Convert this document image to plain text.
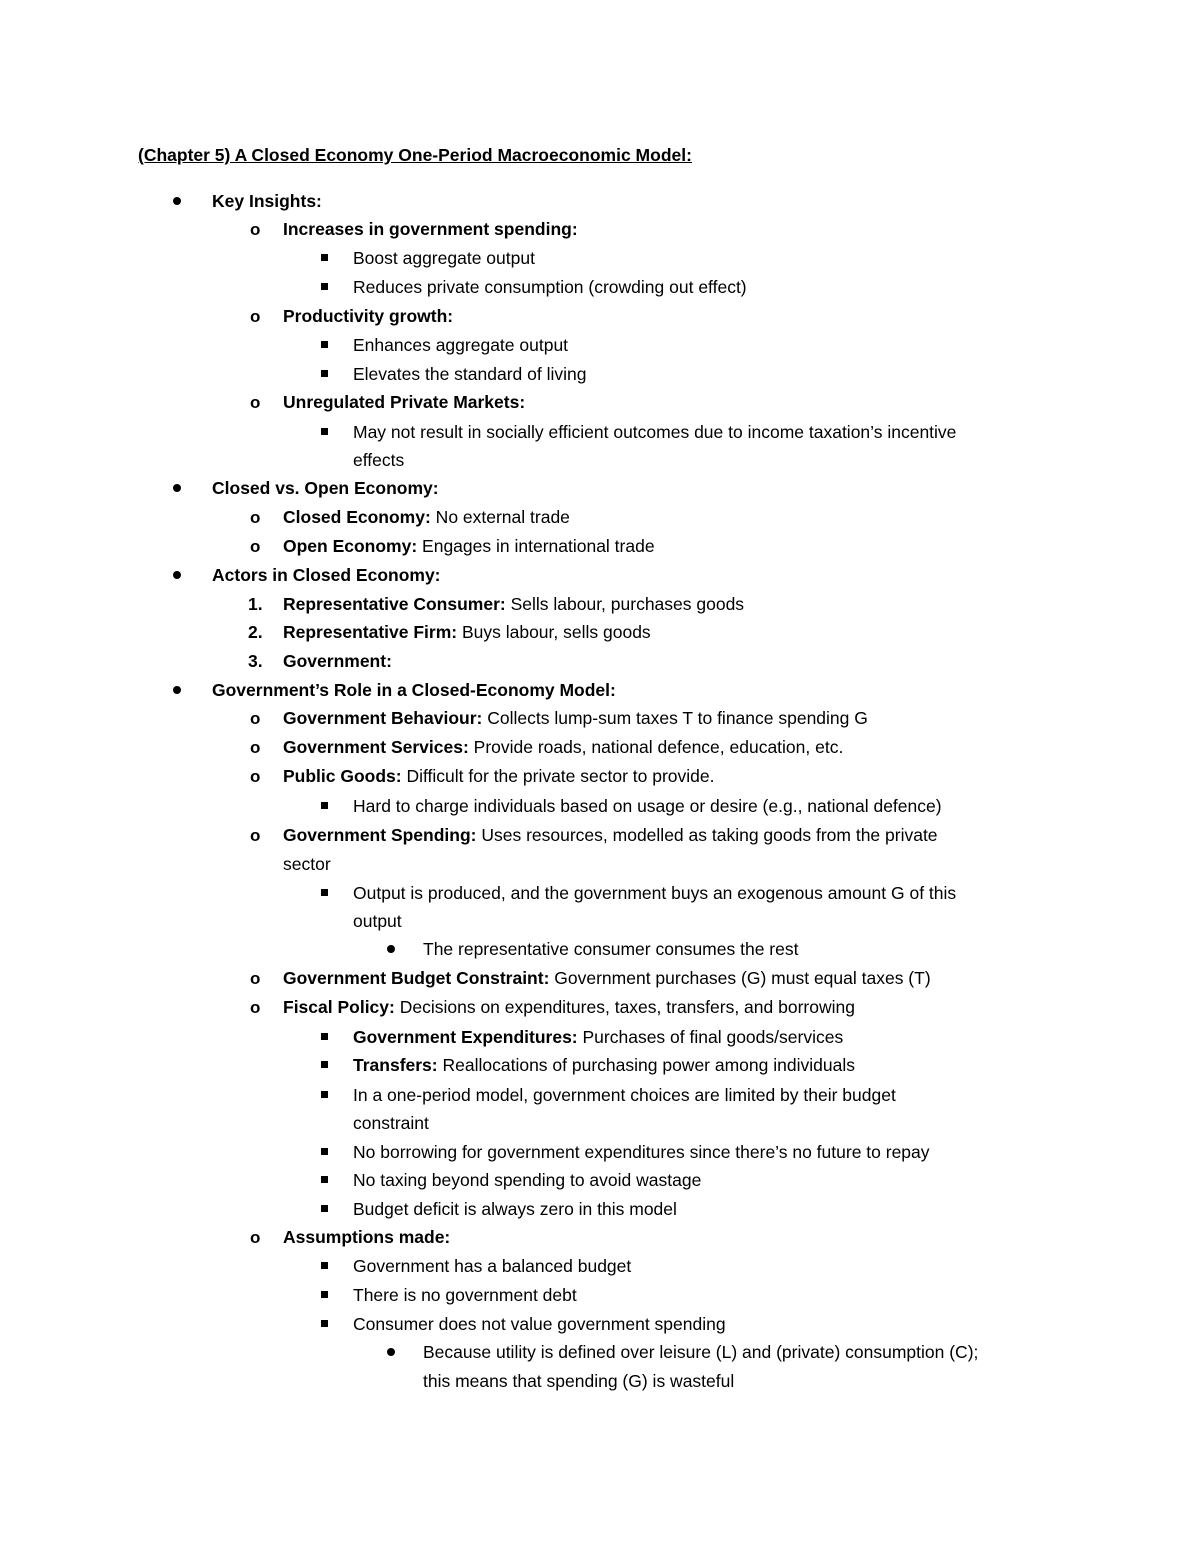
(Chapter 5) A Closed Economy One-Period Macroeconomic Model:
Key Insights:
o Increases in government spending:
Boost aggregate output
Reduces private consumption (crowding out effect)
o Productivity growth:
Enhances aggregate output
Elevates the standard of living
o Unregulated Private Markets:
May not result in socially efficient outcomes due to income taxation’s incentive
effects
Closed vs. Open Economy:
o Closed Economy: No external trade
o Open Economy: Engages in international trade
Actors in Closed Economy:
1. Representative Consumer: Sells labour, purchases goods
2. Representative Firm: Buys labour, sells goods
3. Government:
Government’s Role in a Closed-Economy Model:
o Government Behaviour: Collects lump-sum taxes T to finance spending G
o Government Services: Provide roads, national defence, education, etc.
o Public Goods: Difficult for the private sector to provide.
Hard to charge individuals based on usage or desire (e.g., national defence)
o Government Spending: Uses resources, modelled as taking goods from the private
sector
Output is produced, and the government buys an exogenous amount G of this
output
The representative consumer consumes the rest
o Government Budget Constraint: Government purchases (G) must equal taxes (T)
o Fiscal Policy: Decisions on expenditures, taxes, transfers, and borrowing
Government Expenditures: Purchases of final goods/services
Transfers: Reallocations of purchasing power among individuals
In a one-period model, government choices are limited by their budget
constraint
No borrowing for government expenditures since there’s no future to repay
No taxing beyond spending to avoid wastage
Budget deficit is always zero in this model
o Assumptions made:
Government has a balanced budget
There is no government debt
Consumer does not value government spending
Because utility is defined over leisure (L) and (private) consumption (C);
this means that spending (G) is wasteful
